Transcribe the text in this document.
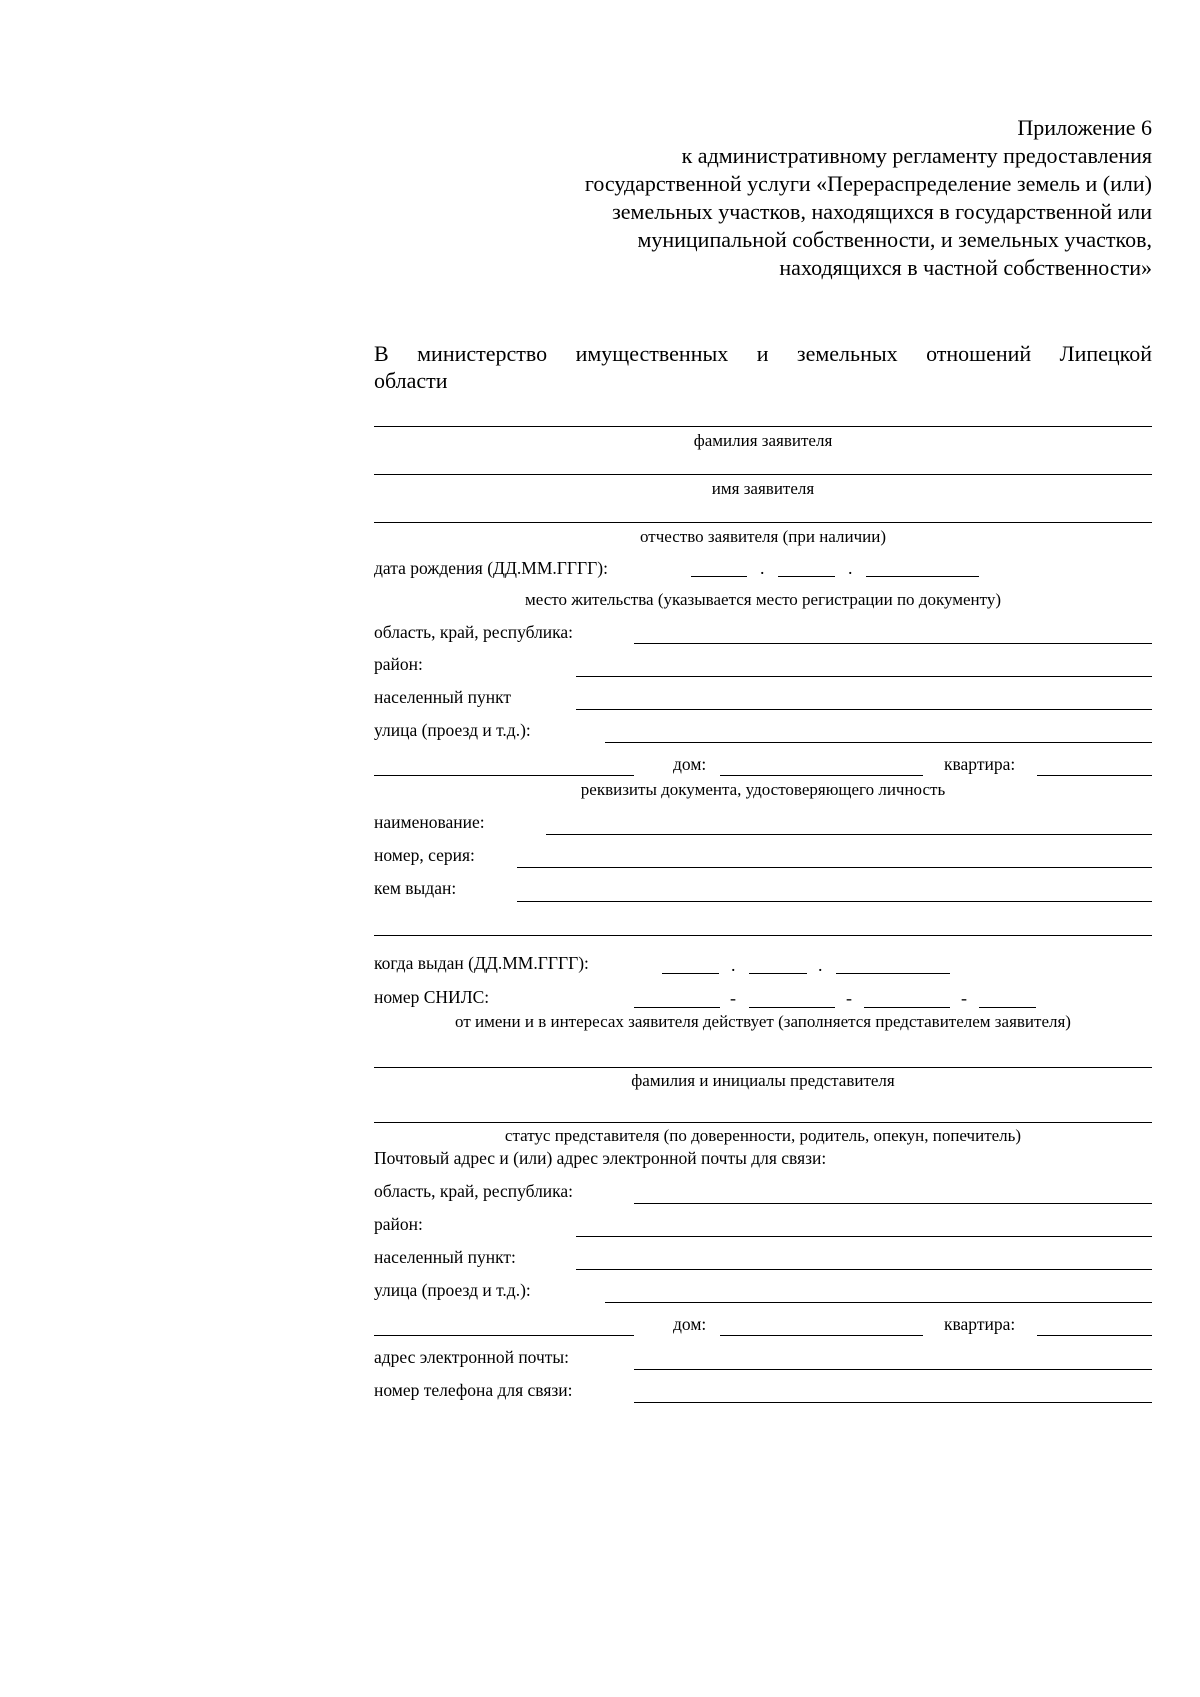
Приложение 6
к административному регламенту предоставления
государственной услуги «Перераспределение земель и (или)
земельных участков, находящихся в государственной или
муниципальной собственности, и земельных участков,
находящихся в частной собственности»
В министерство имущественных и земельных отношений Липецкой
области
фамилия заявителя
имя заявителя
отчество заявителя (при наличии)
дата рождения (ДД.ММ.ГГГГ):	.	.
место жительства (указывается место регистрации по документу)
область, край, республика:
район:
населенный пункт
улица (проезд и т.д.):
дом:	квартира:
реквизиты документа, удостоверяющего личность
наименование:
номер, серия:
кем выдан:
когда выдан (ДД.ММ.ГГГГ):	.	.
номер СНИЛС:	-	-	-
от имени и в интересах заявителя действует (заполняется представителем заявителя)
фамилия и инициалы представителя
статус представителя (по доверенности, родитель, опекун, попечитель)
Почтовый адрес и (или) адрес электронной почты для связи:
область, край, республика:
район:
населенный пункт:
улица (проезд и т.д.):
дом:	квартира:
адрес электронной почты:
номер телефона для связи:
